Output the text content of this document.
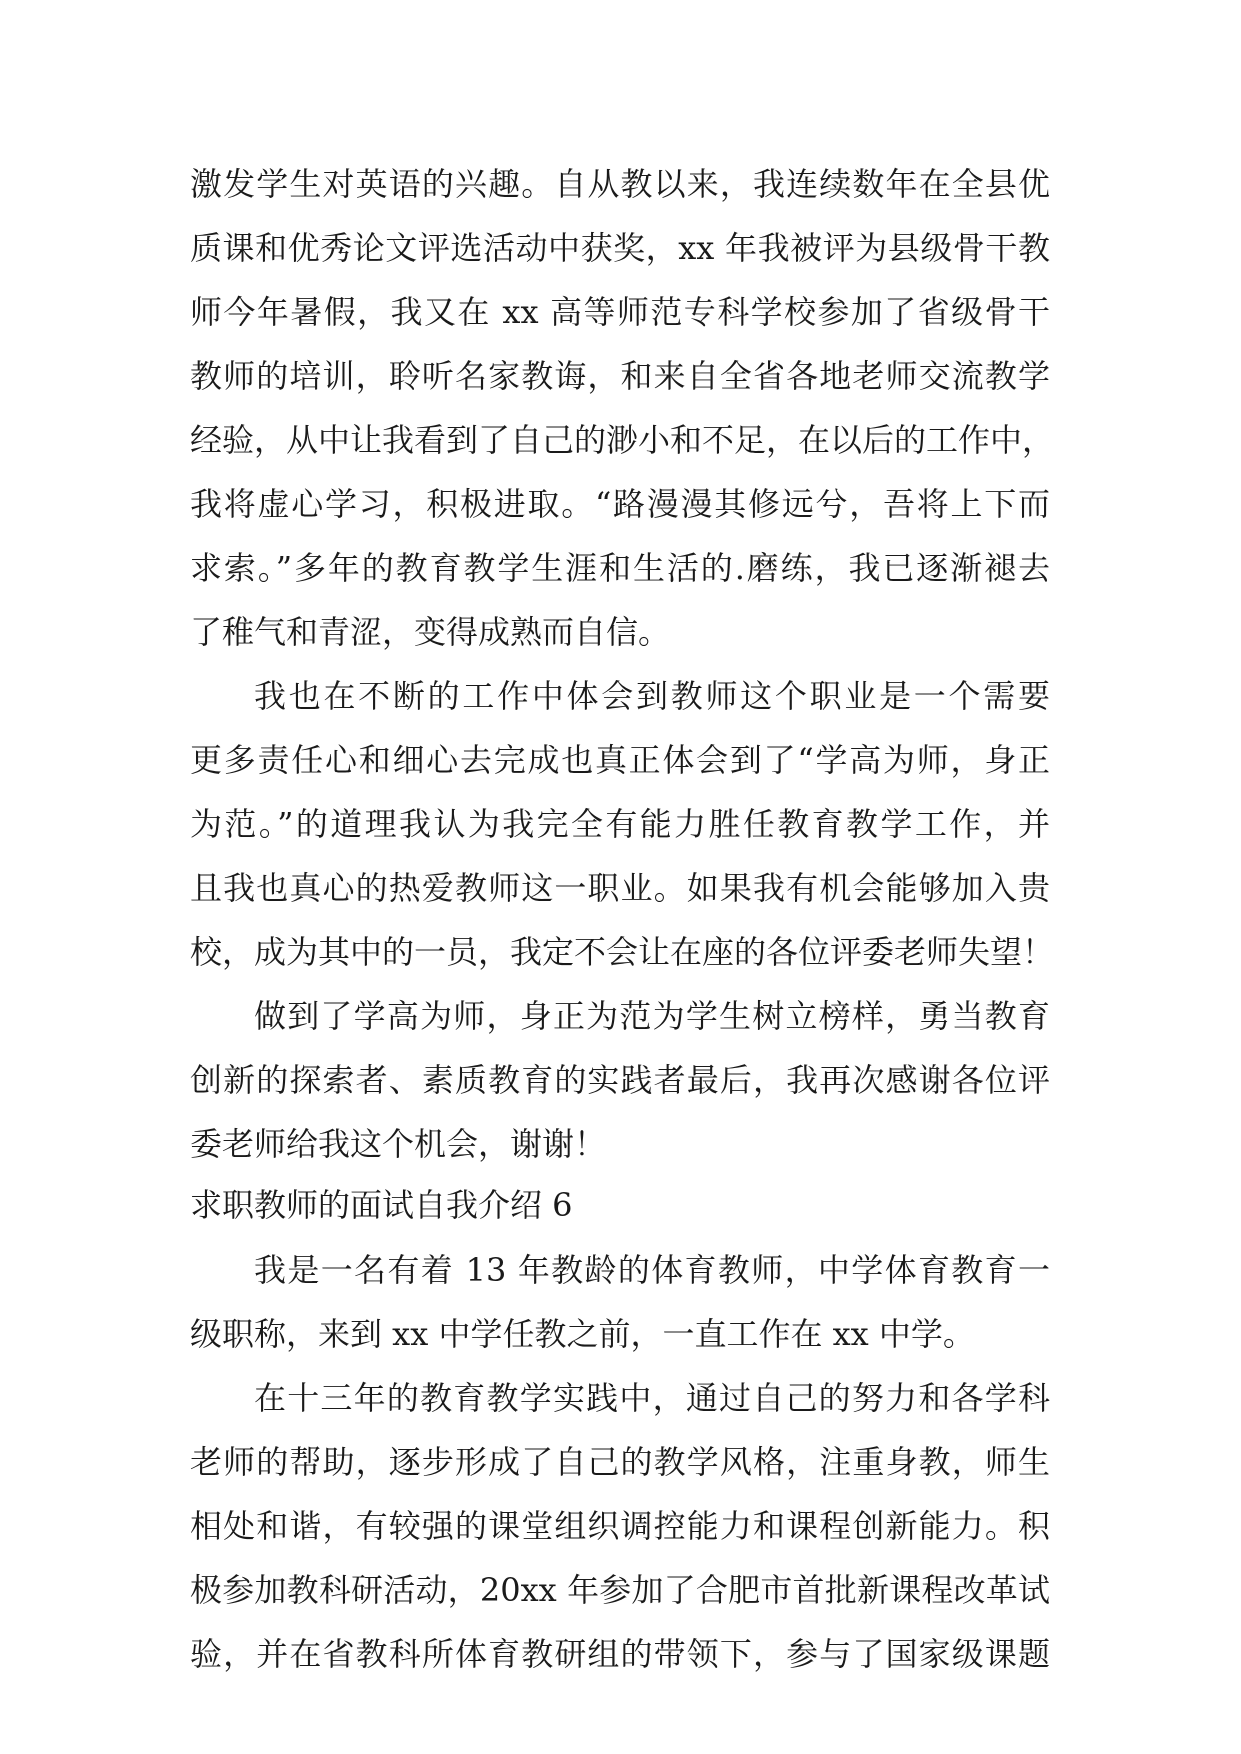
激发学生对英语的兴趣。自从教以来，我连续数年在全县优
质课和优秀论文评选活动中获奖，xx 年我被评为县级骨干教
师今年暑假，我又在 xx 高等师范专科学校参加了省级骨干
教师的培训，聆听名家教诲，和来自全省各地老师交流教学
经验，从中让我看到了自己的渺小和不足，在以后的工作中，
我将虚心学习，积极进取。“路漫漫其修远兮，吾将上下而
求索。”多年的教育教学生涯和生活的.磨练，我已逐渐褪去
了稚气和青涩，变得成熟而自信。
我也在不断的工作中体会到教师这个职业是一个需要
更多责任心和细心去完成也真正体会到了“学高为师，身正
为范。”的道理我认为我完全有能力胜任教育教学工作，并
且我也真心的热爱教师这一职业。如果我有机会能够加入贵
校，成为其中的一员，我定不会让在座的各位评委老师失望！
做到了学高为师，身正为范为学生树立榜样，勇当教育
创新的探索者、素质教育的实践者最后，我再次感谢各位评
委老师给我这个机会，谢谢！
求职教师的面试自我介绍 6
我是一名有着 13 年教龄的体育教师，中学体育教育一
级职称，来到 xx 中学任教之前，一直工作在 xx 中学。
在十三年的教育教学实践中，通过自己的努力和各学科
老师的帮助，逐步形成了自己的教学风格，注重身教，师生
相处和谐，有较强的课堂组织调控能力和课程创新能力。积
极参加教科研活动，20xx 年参加了合肥市首批新课程改革试
验，并在省教科所体育教研组的带领下，参与了国家级课题
